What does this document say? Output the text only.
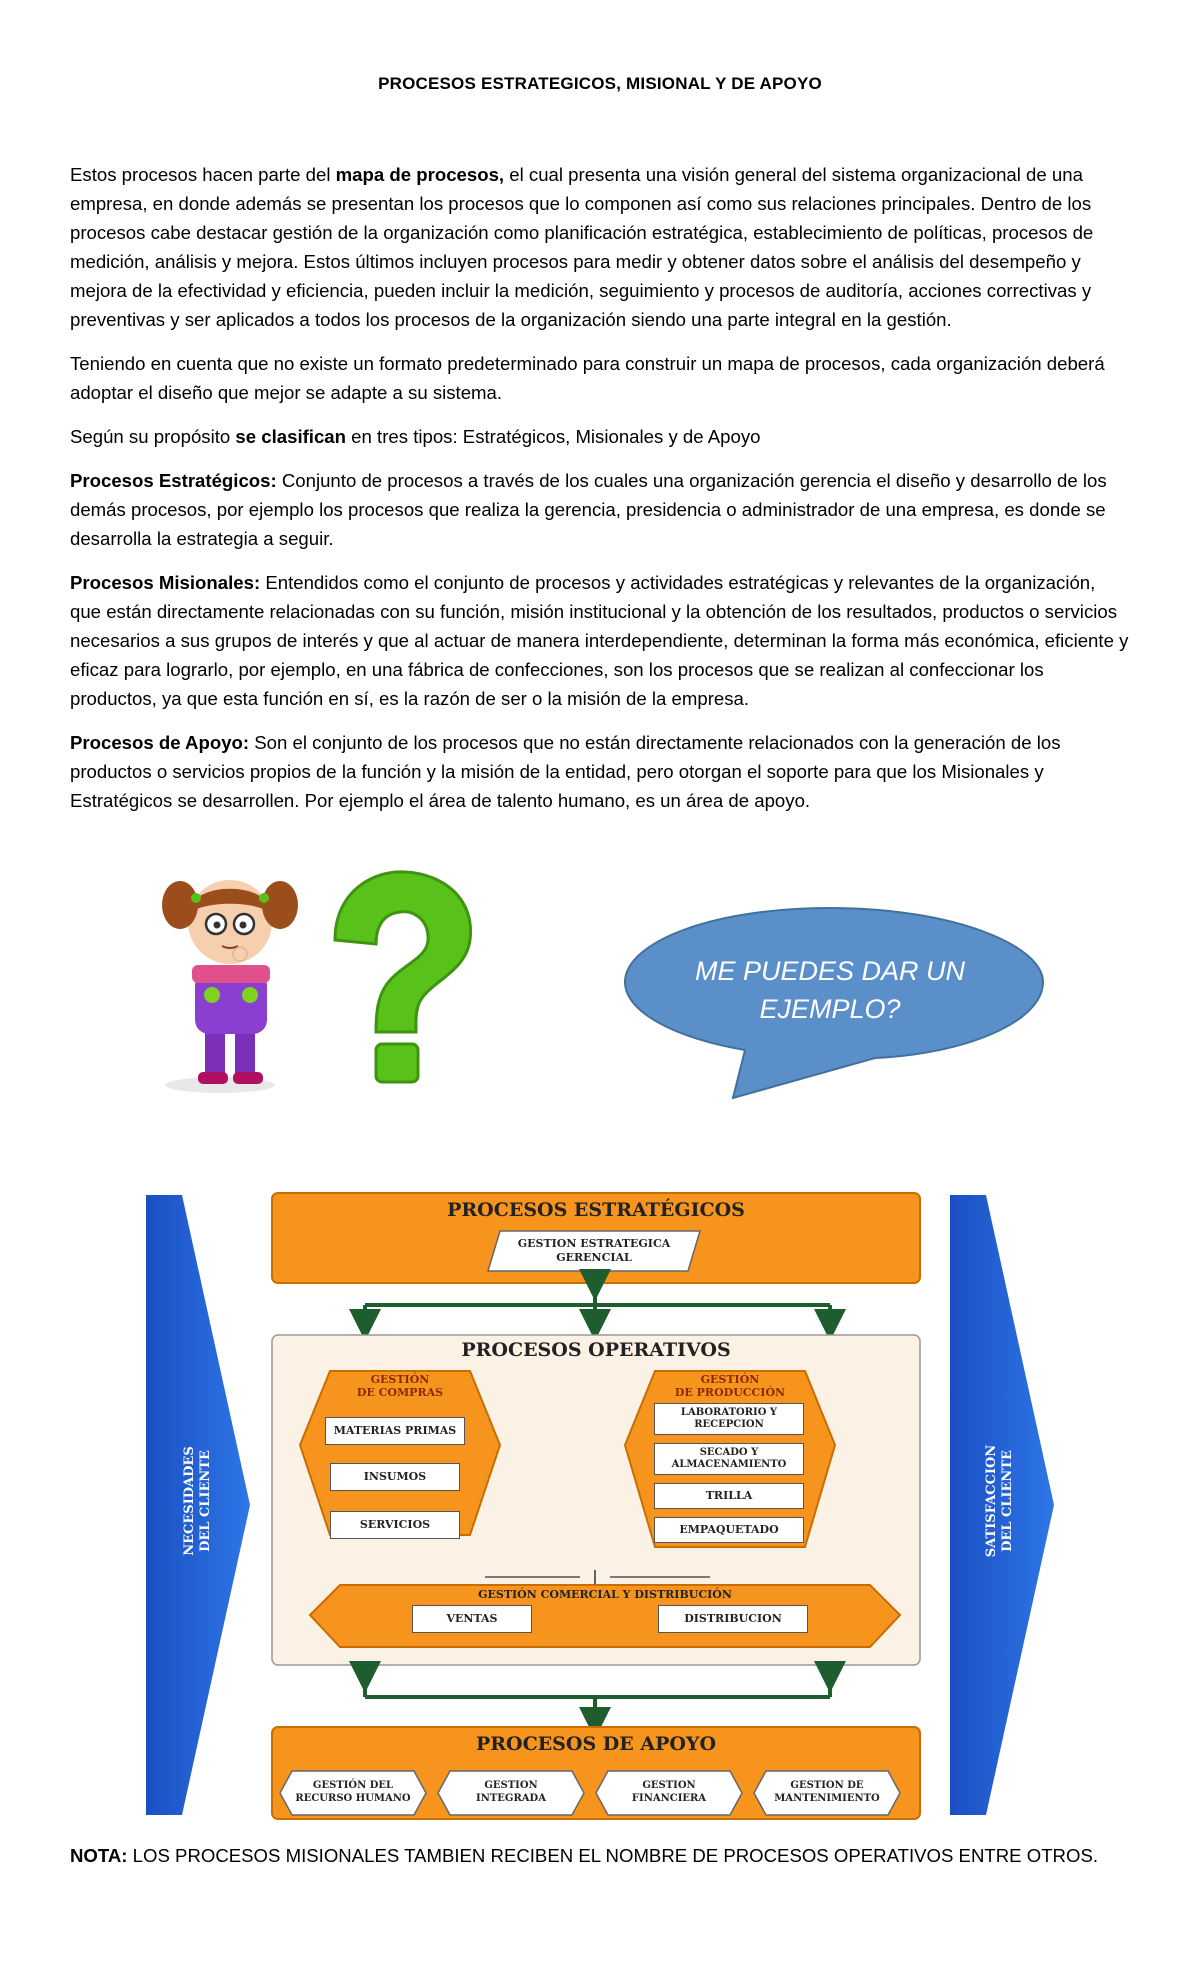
PROCESOS ESTRATEGICOS, MISIONAL Y DE APOYO

Estos procesos hacen parte del mapa de procesos, el cual presenta una visión general del sistema organizacional de una empresa, en donde además se presentan los procesos que lo componen así como sus relaciones principales. Dentro de los procesos cabe destacar gestión de la organización como planificación estratégica, establecimiento de políticas, procesos de medición, análisis y mejora. Estos últimos incluyen procesos para medir y obtener datos sobre el análisis del desempeño y mejora de la efectividad y eficiencia, pueden incluir la medición, seguimiento y procesos de auditoría, acciones correctivas y preventivas y ser aplicados a todos los procesos de la organización siendo una parte integral en la gestión.

Teniendo en cuenta que no existe un formato predeterminado para construir un mapa de procesos, cada organización deberá adoptar el diseño que mejor se adapte a su sistema.

Según su propósito se clasifican en tres tipos: Estratégicos, Misionales y de Apoyo

Procesos Estratégicos: Conjunto de procesos a través de los cuales una organización gerencia el diseño y desarrollo de los demás procesos, por ejemplo los procesos que realiza la gerencia, presidencia o administrador de una empresa, es donde se desarrolla la estrategia a seguir.

Procesos Misionales: Entendidos como el conjunto de procesos y actividades estratégicas y relevantes de la organización, que están directamente relacionadas con su función, misión institucional y la obtención de los resultados, productos o servicios necesarios a sus grupos de interés y que al actuar de manera interdependiente, determinan la forma más económica, eficiente y eficaz para lograrlo, por ejemplo, en una fábrica de confecciones, son los procesos que se realizan al confeccionar los productos, ya que esta función en sí, es la razón de ser o la misión de la empresa.

Procesos de Apoyo: Son el conjunto de los procesos que no están directamente relacionados con la generación de los productos o servicios propios de la función y la misión de la entidad, pero otorgan el soporte para que los Misionales y Estratégicos se desarrollen. Por ejemplo el área de talento humano, es un área de apoyo.

ME PUEDES DAR UN
EJEMPLO?
NECESIDADES DEL CLIENTE	SATISFACCION DEL CLIENTE
PROCESOS ESTRATÉGICOS
GESTION ESTRATEGICA
GERENCIAL
PROCESOS OPERATIVOS
GESTIÓN
DE COMPRAS
MATERIAS PRIMAS
INSUMOS
SERVICIOS
GESTIÓN
DE PRODUCCIÓN
LABORATORIO Y RECEPCION
SECADO Y ALMACENAMIENTO
TRILLA
EMPAQUETADO
GESTIÓN COMERCIAL Y DISTRIBUCIÓN
VENTAS	DISTRIBUCION
PROCESOS DE APOYO
GESTIÓN DEL
RECURSO HUMANO
GESTION
INTEGRADA
GESTION
FINANCIERA
GESTION DE
MANTENIMIENTO
NOTA: LOS PROCESOS MISIONALES TAMBIEN RECIBEN EL NOMBRE DE PROCESOS OPERATIVOS ENTRE OTROS.
